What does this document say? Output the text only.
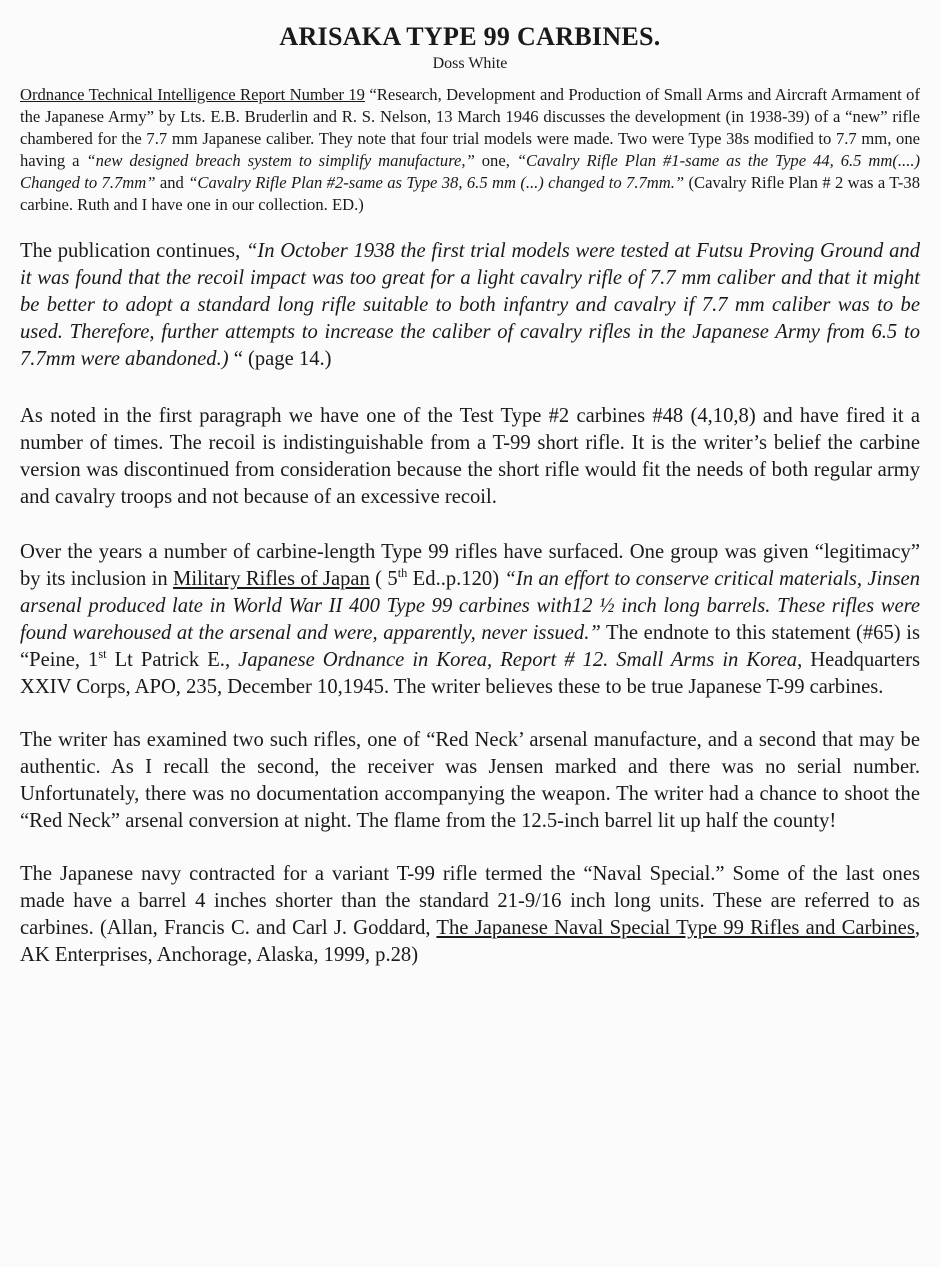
ARISAKA TYPE 99 CARBINES.
Doss White

Ordnance Technical Intelligence Report Number 19 “Research, Development and Production of Small Arms and Aircraft Armament of the Japanese Army” by Lts. E.B. Bruderlin and R. S. Nelson, 13 March 1946 discusses the development (in 1938-39) of a “new” rifle chambered for the 7.7 mm Japanese caliber. They note that four trial models were made. Two were Type 38s modified to 7.7 mm, one having a “new designed breach system to simplify manufacture,” one, “Cavalry Rifle Plan #1-same as the Type 44, 6.5 mm(....) Changed to 7.7mm” and “Cavalry Rifle Plan #2-same as Type 38, 6.5 mm (...) changed to 7.7mm.” (Cavalry Rifle Plan # 2 was a T-38 carbine. Ruth and I have one in our collection. ED.)

The publication continues, “In October 1938 the first trial models were tested at Futsu Proving Ground and it was found that the recoil impact was too great for a light cavalry rifle of 7.7 mm caliber and that it might be better to adopt a standard long rifle suitable to both infantry and cavalry if 7.7 mm caliber was to be used. Therefore, further attempts to increase the caliber of cavalry rifles in the Japanese Army from 6.5 to 7.7mm were abandoned.) “ (page 14.)

As noted in the first paragraph we have one of the Test Type #2 carbines #48 (4,10,8) and have fired it a number of times. The recoil is indistinguishable from a T-99 short rifle. It is the writer’s belief the carbine version was discontinued from consideration because the short rifle would fit the needs of both regular army and cavalry troops and not because of an excessive recoil.

Over the years a number of carbine-length Type 99 rifles have surfaced. One group was given “legitimacy” by its inclusion in Military Rifles of Japan ( 5th Ed..p.120) “In an effort to conserve critical materials, Jinsen arsenal produced late in World War II 400 Type 99 carbines with12 ½ inch long barrels. These rifles were found warehoused at the arsenal and were, apparently, never issued.” The endnote to this statement (#65) is “Peine, 1st Lt Patrick E., Japanese Ordnance in Korea, Report # 12. Small Arms in Korea, Headquarters XXIV Corps, APO, 235, December 10,1945. The writer believes these to be true Japanese T-99 carbines.

The writer has examined two such rifles, one of “Red Neck’ arsenal manufacture, and a second that may be authentic. As I recall the second, the receiver was Jensen marked and there was no serial number. Unfortunately, there was no documentation accompanying the weapon. The writer had a chance to shoot the “Red Neck” arsenal conversion at night. The flame from the 12.5-inch barrel lit up half the county!

The Japanese navy contracted for a variant T-99 rifle termed the “Naval Special.” Some of the last ones made have a barrel 4 inches shorter than the standard 21-9/16 inch long units. These are referred to as carbines. (Allan, Francis C. and Carl J. Goddard, The Japanese Naval Special Type 99 Rifles and Carbines, AK Enterprises, Anchorage, Alaska, 1999, p.28)
